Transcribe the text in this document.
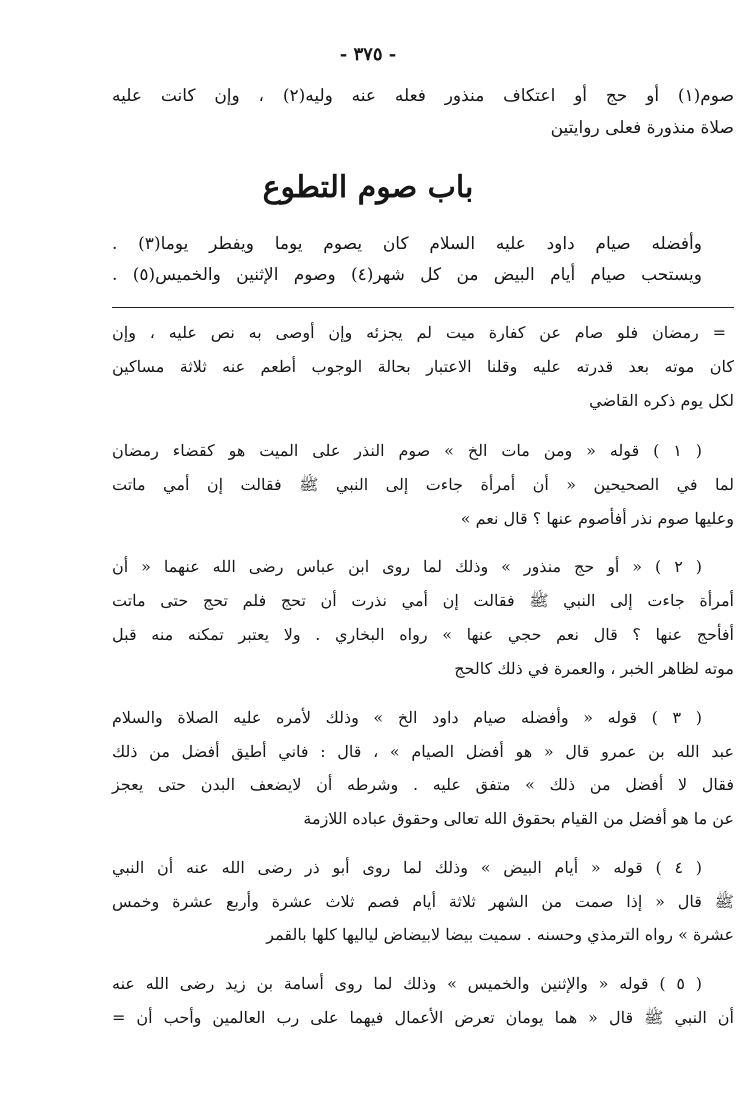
- ٣٧٥ -
صوم(١) أو حج أو اعتكاف منذور فعله عنه وليه(٢) ، وإن كانت عليه
صلاة منذورة فعلى روايتين
باب صوم التطوع
وأفضله صيام داود عليه السلام كان يصوم يوما ويفطر يوما(٣) .
ويستحب صيام أيام البيض من كل شهر(٤) وصوم الإثنين والخميس(٥) .
= رمضان فلو صام عن كفارة ميت لم يجزئه وإن أوصى به نص عليه ، وإن
كان موته بعد قدرته عليه وقلنا الاعتبار بحالة الوجوب أطعم عنه ثلاثة مساكين
لكل يوم ذكره القاضي
( ١ ) قوله « ومن مات الخ » صوم النذر على الميت هو كقضاء رمضان
لما في الصحيحين « أن أمرأة جاءت إلى النبي ﷺ فقالت إن أمي ماتت
وعليها صوم نذر أفأصوم عنها ؟ قال نعم »
( ٢ ) « أو حج منذور » وذلك لما روى ابن عباس رضى الله عنهما « أن
أمرأة جاءت إلى النبي ﷺ فقالت إن أمي نذرت أن تحج فلم تحج حتى ماتت
أفأحج عنها ؟ قال نعم حجي عنها » رواه البخاري . ولا يعتبر تمكنه منه قبل
موته لظاهر الخبر ، والعمرة في ذلك كالحج
( ٣ ) قوله « وأفضله صيام داود الخ » وذلك لأمره عليه الصلاة والسلام
عبد الله بن عمرو قال « هو أفضل الصيام » ، قال : فاني أطيق أفضل من ذلك
فقال لا أفضل من ذلك » متفق عليه . وشرطه أن لايضعف البدن حتى يعجز
عن ما هو أفضل من القيام بحقوق الله تعالى وحقوق عباده اللازمة
( ٤ ) قوله « أيام البيض » وذلك لما روى أبو ذر رضى الله عنه أن النبي
ﷺ قال « إذا صمت من الشهر ثلاثة أيام فصم ثلاث عشرة وأربع عشرة وخمس
عشرة » رواه الترمذي وحسنه . سميت بيضا لابيضاض لياليها كلها بالقمر
( ٥ ) قوله « والإثنين والخميس » وذلك لما روى أسامة بن زيد رضى الله عنه
أن النبي ﷺ قال « هما يومان تعرض الأعمال فيهما على رب العالمين وأحب أن =
